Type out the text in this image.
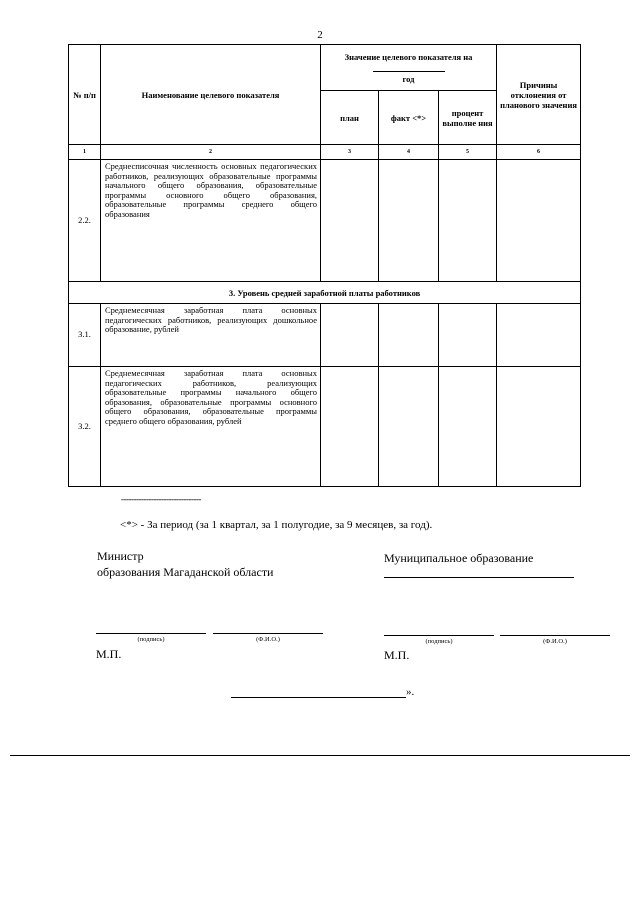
2
№ п/п	Наименование целевого показателя	Значение целевого показателя на
год			Причины отклонения от планового значения
		план	факт <*>	процент выполне ния	
1	2	3	4	5	6
2.2.	Среднесписочная численность основных педагогических работников, реализующих образовательные программы начального общего образования, образовательные программы основного общего образования, образовательные программы среднего общего образования				
3. Уровень средней заработной платы работников					
3.1.	Среднемесячная заработная плата основных педагогических работников, реализующих дошкольное образование, рублей				
3.2.	Среднемесячная заработная плата основных педагогических работников, реализующих образовательные программы начального общего образования, образовательные программы основного общего образования, образовательные программы среднего общего образования, рублей				
--------------------------------
<*> - За период (за 1 квартал, за 1 полугодие, за 9 месяцев, за год).
Министр
образования Магаданской области
Муниципальное образование
(подпись)	(Ф.И.О.)
М.П.
(подпись)	(Ф.И.О.)
М.П.
».
